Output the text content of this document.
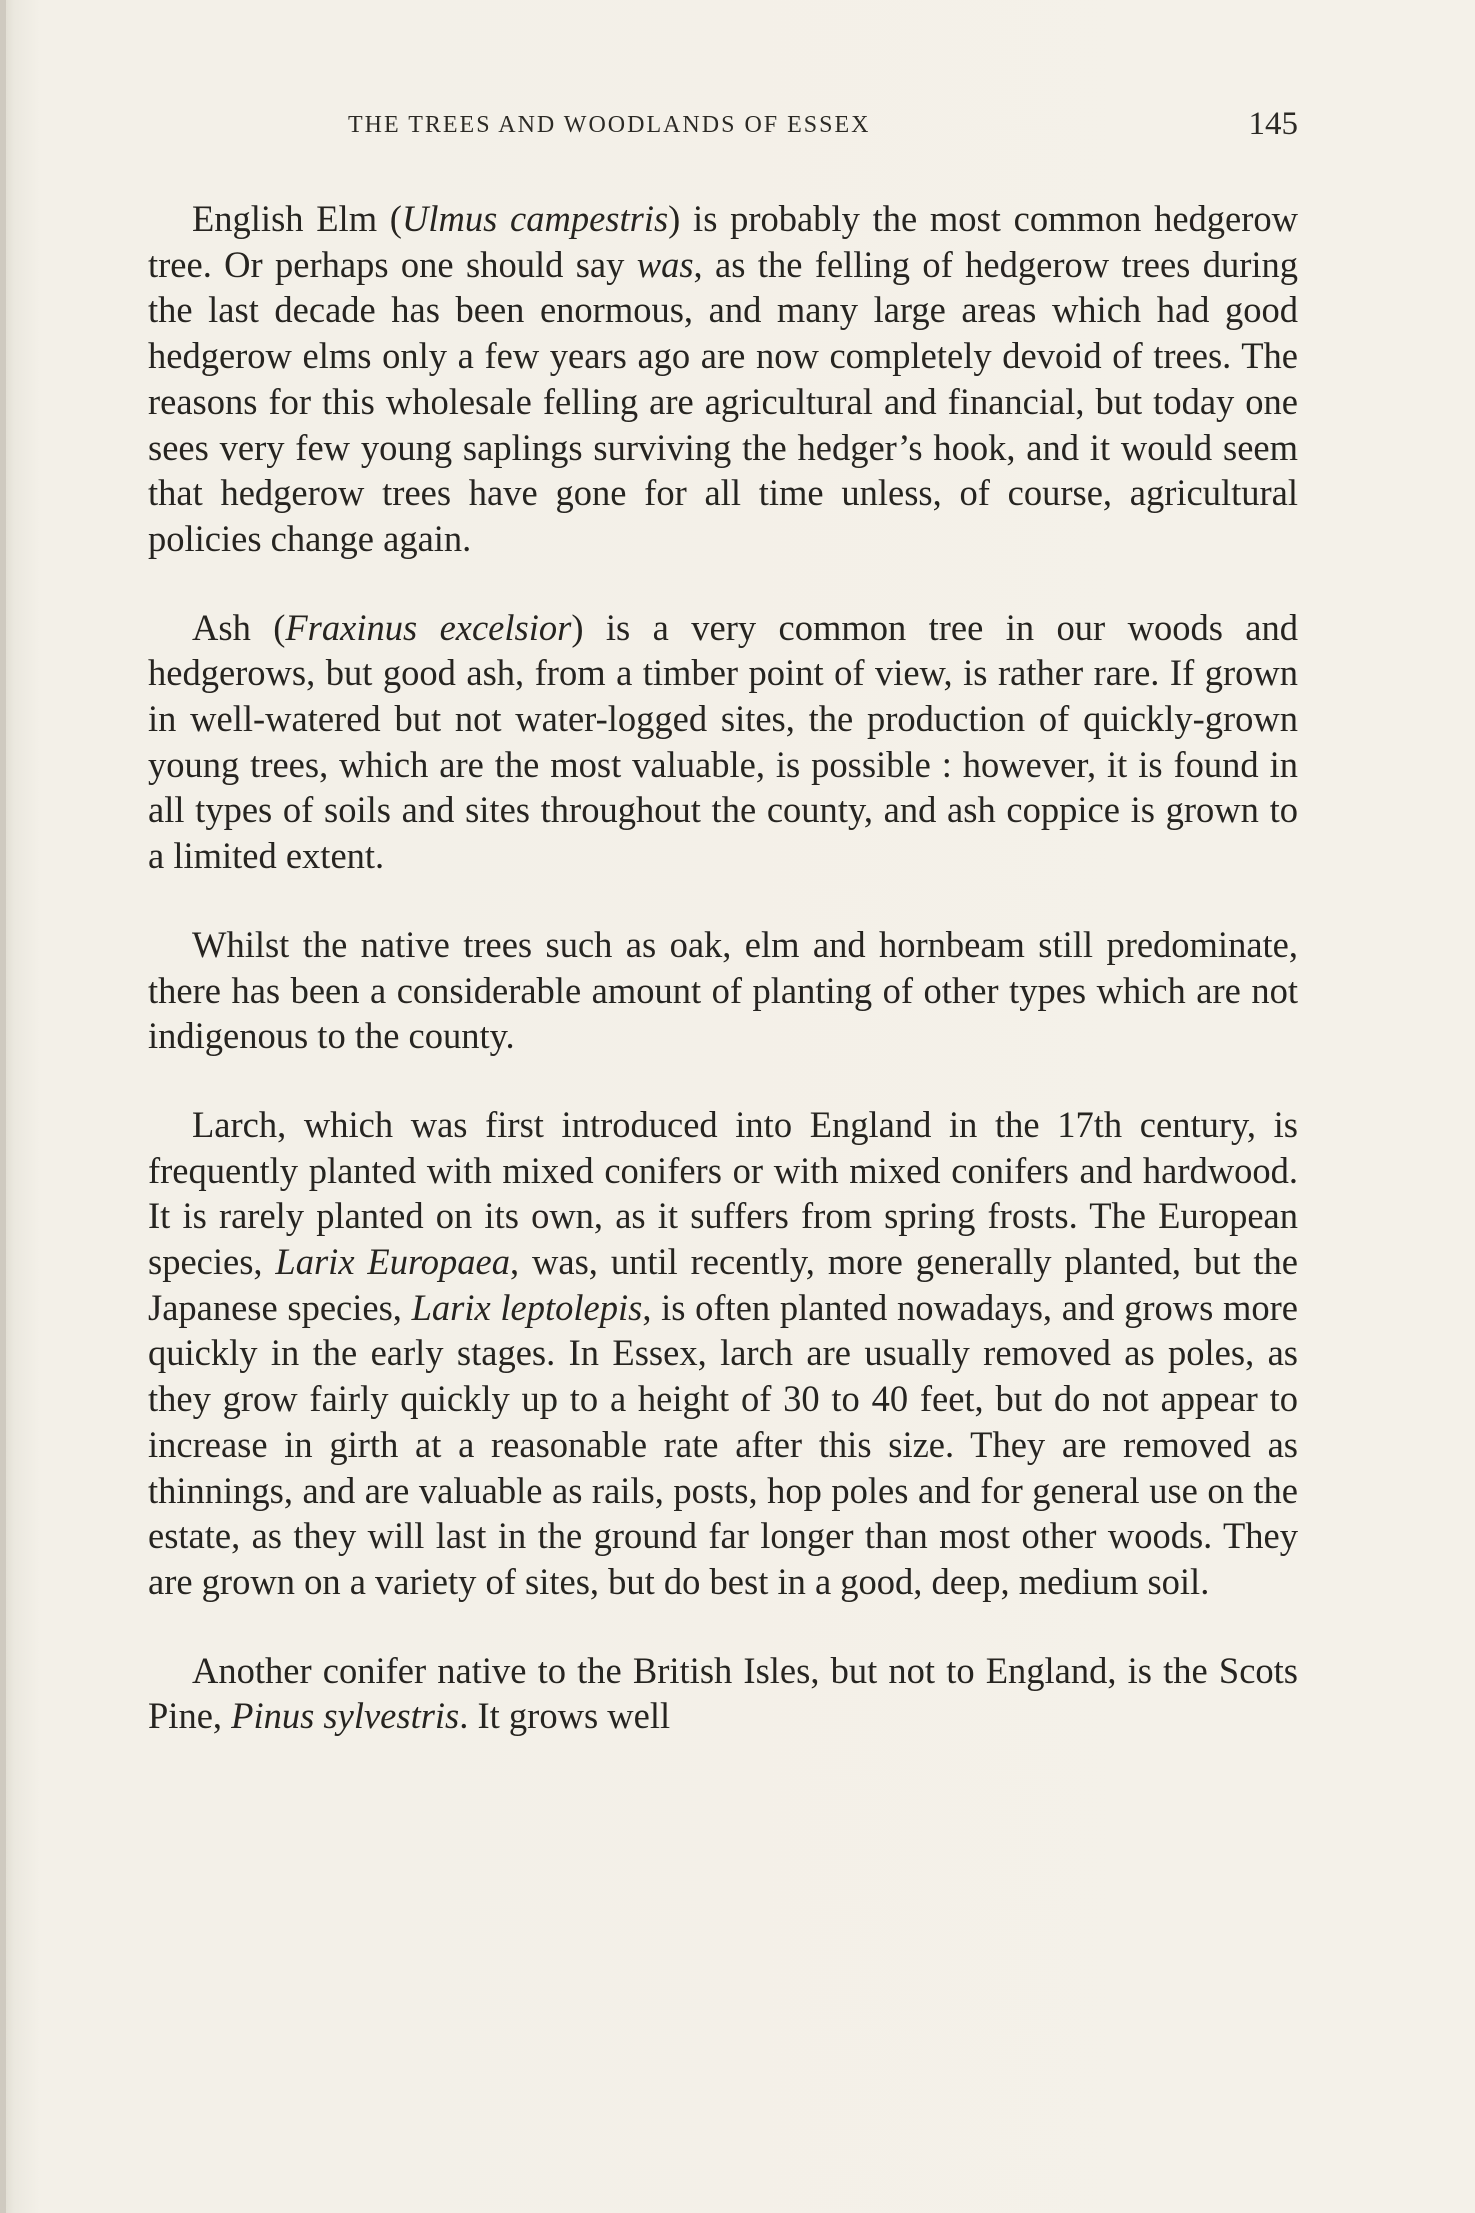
THE TREES AND WOODLANDS OF ESSEX	145

English Elm (Ulmus campestris) is probably the most common hedgerow tree. Or perhaps one should say was, as the felling of hedgerow trees during the last decade has been enormous, and many large areas which had good hedgerow elms only a few years ago are now completely devoid of trees. The reasons for this wholesale felling are agricultural and financial, but today one sees very few young saplings surviving the hedger’s hook, and it would seem that hedgerow trees have gone for all time unless, of course, agricultural policies change again.

Ash (Fraxinus excelsior) is a very common tree in our woods and hedgerows, but good ash, from a timber point of view, is rather rare. If grown in well-watered but not water-logged sites, the production of quickly-grown young trees, which are the most valuable, is possible : however, it is found in all types of soils and sites throughout the county, and ash coppice is grown to a limited extent.

Whilst the native trees such as oak, elm and hornbeam still predominate, there has been a considerable amount of planting of other types which are not indigenous to the county.

Larch, which was first introduced into England in the 17th century, is frequently planted with mixed conifers or with mixed conifers and hardwood. It is rarely planted on its own, as it suffers from spring frosts. The European species, Larix Europaea, was, until recently, more generally planted, but the Japanese species, Larix leptolepis, is often planted nowadays, and grows more quickly in the early stages. In Essex, larch are usually removed as poles, as they grow fairly quickly up to a height of 30 to 40 feet, but do not appear to increase in girth at a reasonable rate after this size. They are removed as thinnings, and are valuable as rails, posts, hop poles and for general use on the estate, as they will last in the ground far longer than most other woods. They are grown on a variety of sites, but do best in a good, deep, medium soil.

Another conifer native to the British Isles, but not to England, is the Scots Pine, Pinus sylvestris. It grows well
